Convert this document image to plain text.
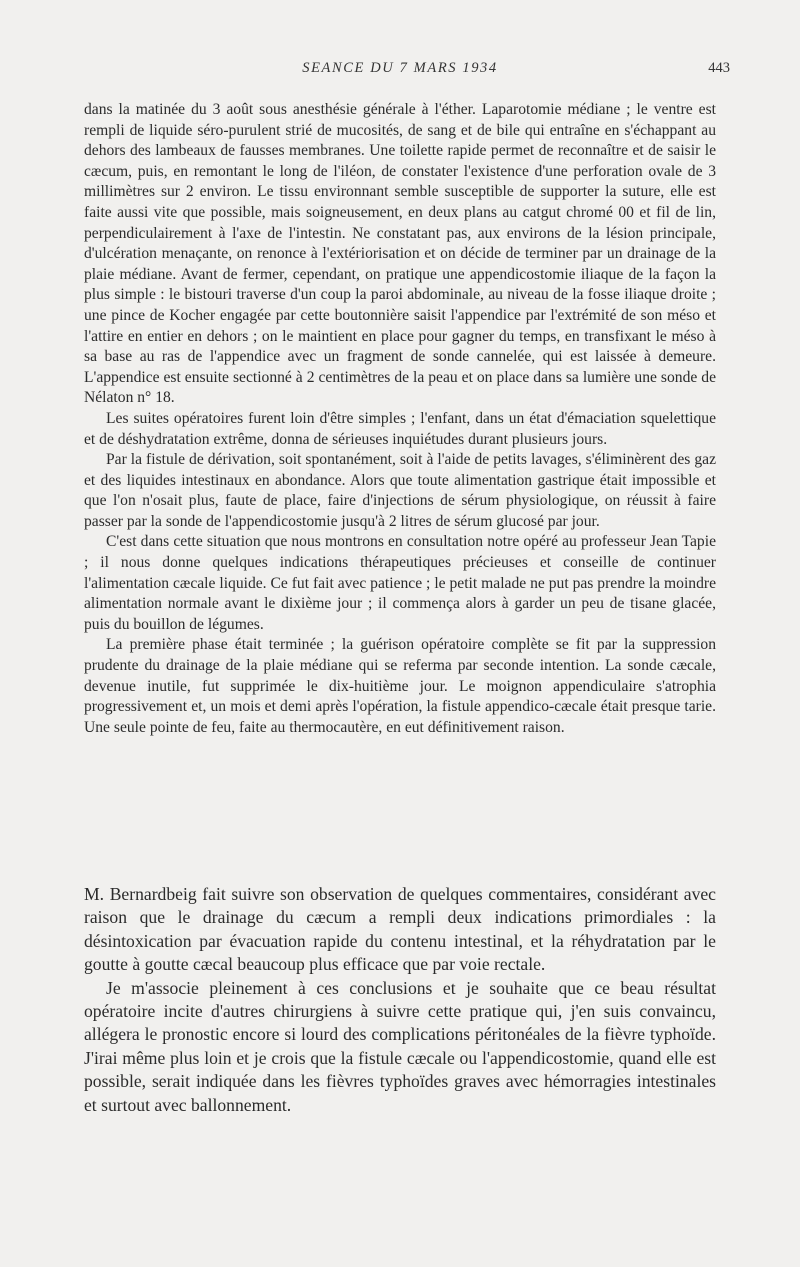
SEANCE DU 7 MARS 1934	443

dans la matinée du 3 août sous anesthésie générale à l'éther. Laparotomie médiane ; le ventre est rempli de liquide séro-purulent strié de mucosités, de sang et de bile qui entraîne en s'échappant au dehors des lambeaux de fausses membranes. Une toilette rapide permet de reconnaître et de saisir le cæcum, puis, en remontant le long de l'iléon, de constater l'existence d'une perforation ovale de 3 millimètres sur 2 environ. Le tissu environnant semble susceptible de supporter la suture, elle est faite aussi vite que possible, mais soigneusement, en deux plans au catgut chromé 00 et fil de lin, perpendiculairement à l'axe de l'intestin. Ne constatant pas, aux environs de la lésion principale, d'ulcération menaçante, on renonce à l'extériorisation et on décide de terminer par un drainage de la plaie médiane. Avant de fermer, cependant, on pratique une appendicostomie iliaque de la façon la plus simple : le bistouri traverse d'un coup la paroi abdominale, au niveau de la fosse iliaque droite ; une pince de Kocher engagée par cette boutonnière saisit l'appendice par l'extrémité de son méso et l'attire en entier en dehors ; on le maintient en place pour gagner du temps, en transfixant le méso à sa base au ras de l'appendice avec un fragment de sonde cannelée, qui est laissée à demeure. L'appendice est ensuite sectionné à 2 centimètres de la peau et on place dans sa lumière une sonde de Nélaton n° 18.

Les suites opératoires furent loin d'être simples ; l'enfant, dans un état d'émaciation squelettique et de déshydratation extrême, donna de sérieuses inquiétudes durant plusieurs jours.

Par la fistule de dérivation, soit spontanément, soit à l'aide de petits lavages, s'éliminèrent des gaz et des liquides intestinaux en abondance. Alors que toute alimentation gastrique était impossible et que l'on n'osait plus, faute de place, faire d'injections de sérum physiologique, on réussit à faire passer par la sonde de l'appendicostomie jusqu'à 2 litres de sérum glucosé par jour.

C'est dans cette situation que nous montrons en consultation notre opéré au professeur Jean Tapie ; il nous donne quelques indications thérapeutiques précieuses et conseille de continuer l'alimentation cæcale liquide. Ce fut fait avec patience ; le petit malade ne put pas prendre la moindre alimentation normale avant le dixième jour ; il commença alors à garder un peu de tisane glacée, puis du bouillon de légumes.

La première phase était terminée ; la guérison opératoire complète se fit par la suppression prudente du drainage de la plaie médiane qui se referma par seconde intention. La sonde cæcale, devenue inutile, fut supprimée le dix-huitième jour. Le moignon appendiculaire s'atrophia progressivement et, un mois et demi après l'opération, la fistule appendico-cæcale était presque tarie. Une seule pointe de feu, faite au thermocautère, en eut définitivement raison.

M. Bernardbeig fait suivre son observation de quelques commentaires, considérant avec raison que le drainage du cæcum a rempli deux indications primordiales : la désintoxication par évacuation rapide du contenu intestinal, et la réhydratation par le goutte à goutte cæcal beaucoup plus efficace que par voie rectale.

Je m'associe pleinement à ces conclusions et je souhaite que ce beau résultat opératoire incite d'autres chirurgiens à suivre cette pratique qui, j'en suis convaincu, allégera le pronostic encore si lourd des complications péritonéales de la fièvre typhoïde. J'irai même plus loin et je crois que la fistule cæcale ou l'appendicostomie, quand elle est possible, serait indiquée dans les fièvres typhoïdes graves avec hémorragies intestinales et surtout avec ballonnement.
